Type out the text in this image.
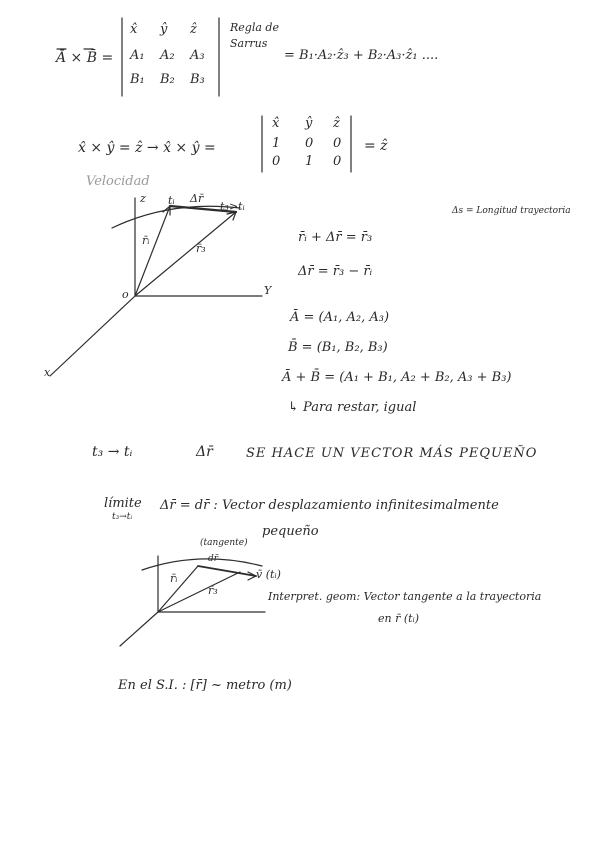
Ā × B̄ =
x̂ ŷ ẑ
A₁ A₂ A₃
B₁ B₂ B₃
Regla de Sarrus
= B₁·A₂·ẑ₃ + B₂·A₃·ẑ₁ ....
x̂ × ŷ = ẑ → x̂ × ŷ =
x̂ ŷ ẑ
1 0 0
0 1 0
= ẑ
Velocidad
Δs = Longitud trayectoria
r̄ᵢ + Δr̄ = r̄₃
Δr̄ = r̄₃ − r̄ᵢ
Ā = (A₁, A₂, A₃)
B̄ = (B₁, B₂, B₃)
Ā + B̄ = (A₁ + B₁, A₂ + B₂, A₃ + B₃)
↳ Para restar, igual
t₃ → tᵢ	Δr̄	SE HACE UN VECTOR MÁS PEQUEÑO
límite
t₃→tᵢ
Δr̄ = dr̄ : Vector desplazamiento infinitesimalmente
pequeño
z
Y
x
o
r̄ᵢ
r̄₃
tᵢ	t₃>tᵢ
Δr̄
(tangente)
dr̄
r̄ᵢ
r̄₃
v̄ (tᵢ)
Interpret. geom: Vector tangente a la trayectoria
en r̄ (tᵢ)
En el S.I. : [r̄] ~ metro (m)
